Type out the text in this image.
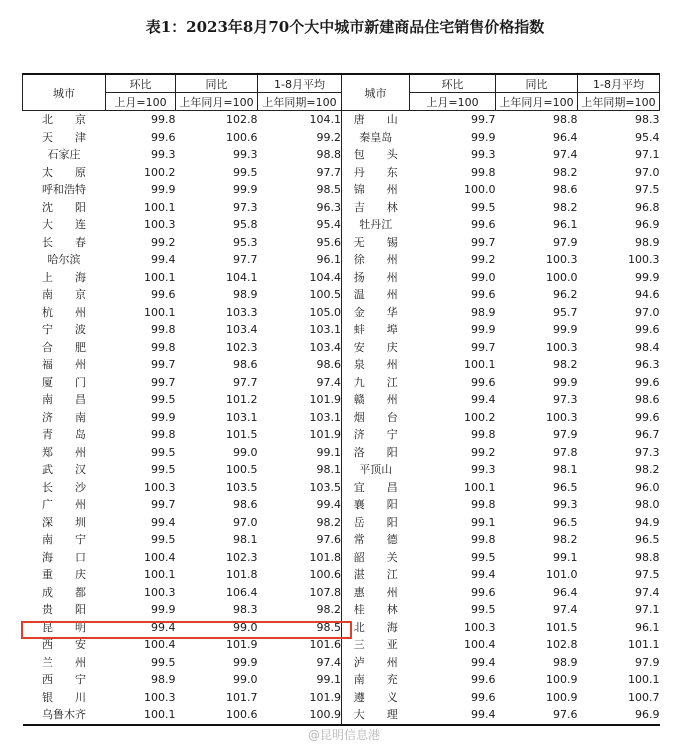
表1：2023年8月70个大中城市新建商品住宅销售价格指数
城市	环比	同比	1-8月平均	城市	环比	同比	1-8月平均
	上月=100	上年同月=100	上年同期=100		上月=100	上年同月=100	上年同期=100
北　　京	99.8	102.8	104.1	唐　　山	99.7	98.8	98.3
天　　津	99.6	100.6	99.2	秦皇岛	99.9	96.4	95.4
石家庄	99.3	99.3	98.8	包　　头	99.3	97.4	97.1
太　　原	100.2	99.5	97.7	丹　　东	99.8	98.2	97.0
呼和浩特	99.9	99.9	98.5	锦　　州	100.0	98.6	97.5
沈　　阳	100.1	97.3	96.3	吉　　林	99.5	98.2	96.8
大　　连	100.3	95.8	95.4	牡丹江	99.6	96.1	96.9
长　　春	99.2	95.3	95.6	无　　锡	99.7	97.9	98.9
哈尔滨	99.4	97.7	96.1	徐　　州	99.2	100.3	100.3
上　　海	100.1	104.1	104.4	扬　　州	99.0	100.0	99.9
南　　京	99.6	98.9	100.5	温　　州	99.6	96.2	94.6
杭　　州	100.1	103.3	105.0	金　　华	98.9	95.7	97.0
宁　　波	99.8	103.4	103.1	蚌　　埠	99.9	99.9	99.6
合　　肥	99.8	102.3	103.4	安　　庆	99.7	100.3	98.4
福　　州	99.7	98.6	98.6	泉　　州	100.1	98.2	96.3
厦　　门	99.7	97.7	97.4	九　　江	99.6	99.9	99.6
南　　昌	99.5	101.2	101.9	赣　　州	99.4	97.3	98.6
济　　南	99.9	103.1	103.1	烟　　台	100.2	100.3	99.6
青　　岛	99.8	101.5	101.9	济　　宁	99.8	97.9	96.7
郑　　州	99.5	99.0	99.1	洛　　阳	99.2	97.8	97.3
武　　汉	99.5	100.5	98.1	平顶山	99.3	98.1	98.2
长　　沙	100.3	103.5	103.5	宜　　昌	100.1	96.5	96.0
广　　州	99.7	98.6	99.4	襄　　阳	99.8	99.3	98.0
深　　圳	99.4	97.0	98.2	岳　　阳	99.1	96.5	94.9
南　　宁	99.5	98.1	97.6	常　　德	99.8	98.2	96.5
海　　口	100.4	102.3	101.8	韶　　关	99.5	99.1	98.8
重　　庆	100.1	101.8	100.6	湛　　江	99.4	101.0	97.5
成　　都	100.3	106.4	107.8	惠　　州	99.6	96.4	97.4
贵　　阳	99.9	98.3	98.2	桂　　林	99.5	97.4	97.1
昆　　明	99.4	99.0	98.5	北　　海	100.3	101.5	96.1
西　　安	100.4	101.9	101.6	三　　亚	100.4	102.8	101.1
兰　　州	99.5	99.9	97.4	泸　　州	99.4	98.9	97.9
西　　宁	98.9	99.0	99.1	南　　充	99.6	100.9	100.1
银　　川	100.3	101.7	101.9	遵　　义	99.6	100.9	100.7
乌鲁木齐	100.1	100.6	100.9	大　　理	99.4	97.6	96.9
@昆明信息港
